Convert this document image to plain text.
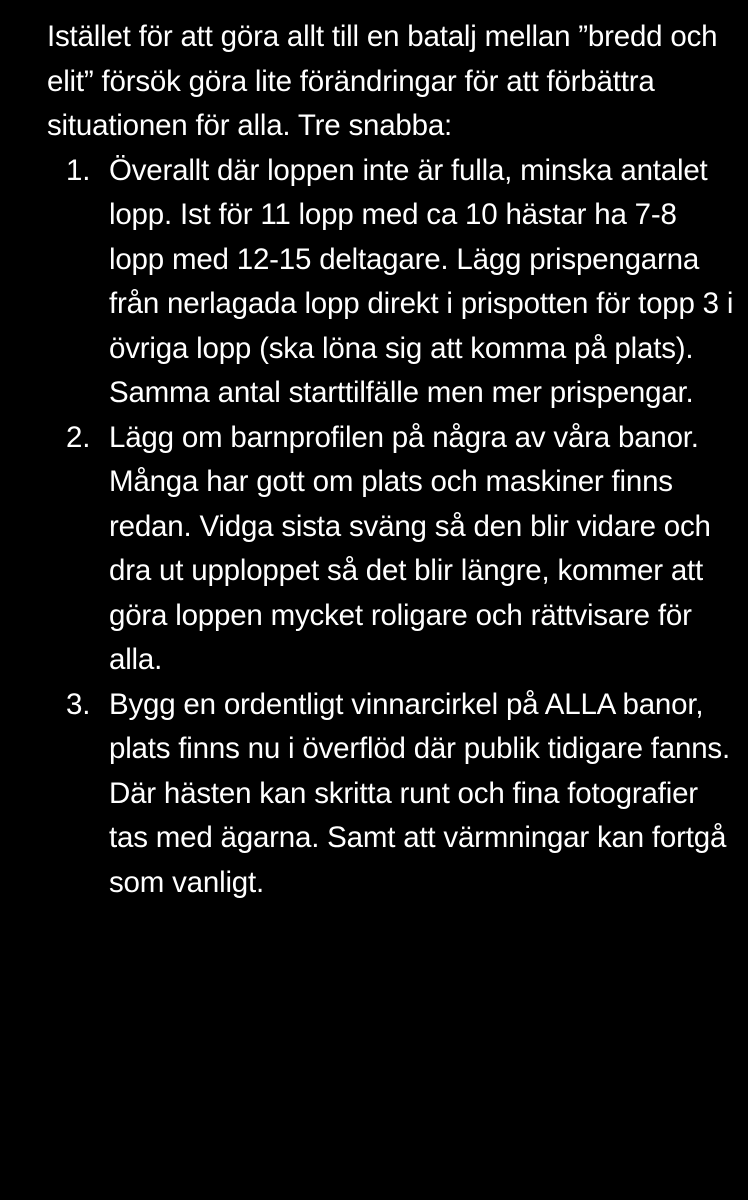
Istället för att göra allt till en batalj mellan ”bredd och elit” försök göra lite förändringar för att förbättra situationen för alla. Tre snabba:

1. Överallt där loppen inte är fulla, minska antalet lopp. Ist för 11 lopp med ca 10 hästar ha 7-8 lopp med 12-15 deltagare. Lägg prispengarna från nerlagada lopp direkt i prispotten för topp 3 i övriga lopp (ska löna sig att komma på plats). Samma antal starttilfälle men mer prispengar.
2. Lägg om barnprofilen på några av våra banor. Många har gott om plats och maskiner finns redan. Vidga sista sväng så den blir vidare och dra ut upploppet så det blir längre, kommer att göra loppen mycket roligare och rättvisare för alla.
3. Bygg en ordentligt vinnarcirkel på ALLA banor, plats finns nu i överflöd där publik tidigare fanns. Där hästen kan skritta runt och fina fotografier tas med ägarna. Samt att värmningar kan fortgå som vanligt.
